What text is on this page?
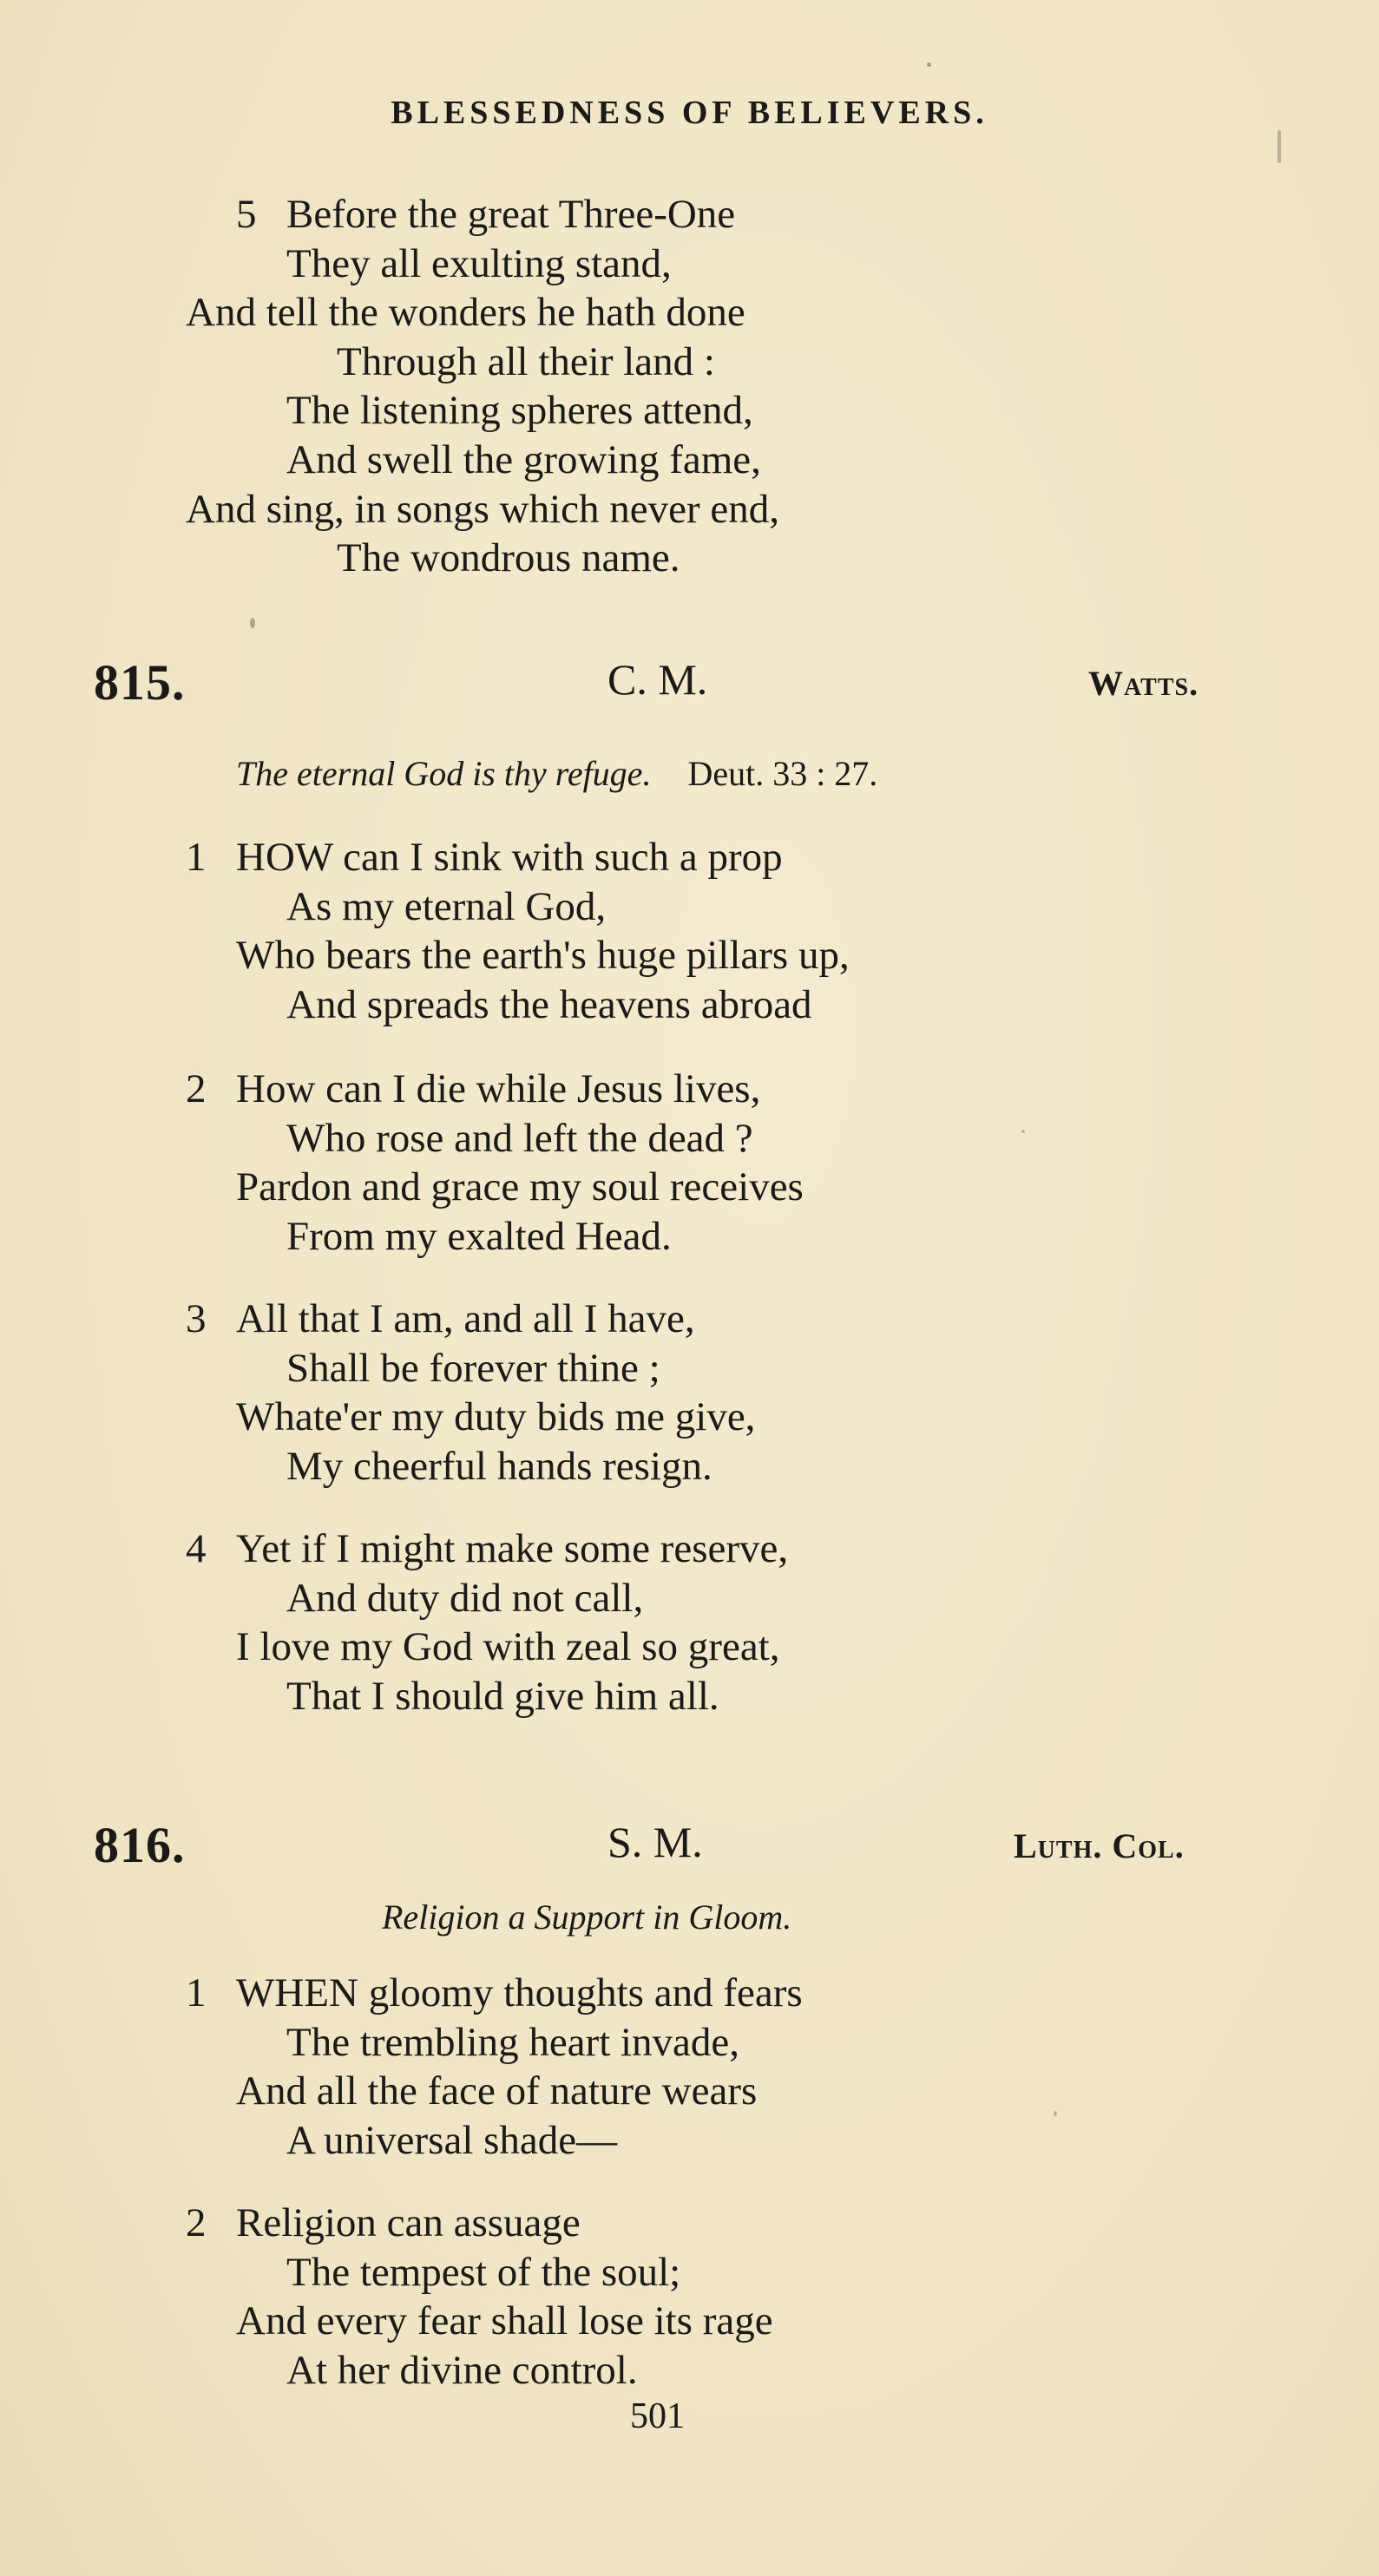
BLESSEDNESS OF BELIEVERS.
5 Before the great Three-One
They all exulting stand,
And tell the wonders he hath done
Through all their land :
The listening spheres attend,
And swell the growing fame,
And sing, in songs which never end,
The wondrous name.
815.	C. M.	Watts.
The eternal God is thy refuge. Deut. 33 : 27.
1 HOW can I sink with such a prop
As my eternal God,
Who bears the earth's huge pillars up,
And spreads the heavens abroad
2 How can I die while Jesus lives,
Who rose and left the dead ?
Pardon and grace my soul receives
From my exalted Head.
3 All that I am, and all I have,
Shall be forever thine ;
Whate'er my duty bids me give,
My cheerful hands resign.
4 Yet if I might make some reserve,
And duty did not call,
I love my God with zeal so great,
That I should give him all.
816.	S. M.	Luth. Col.
Religion a Support in Gloom.
1 WHEN gloomy thoughts and fears
The trembling heart invade,
And all the face of nature wears
A universal shade—
2 Religion can assuage
The tempest of the soul;
And every fear shall lose its rage
At her divine control.
501
